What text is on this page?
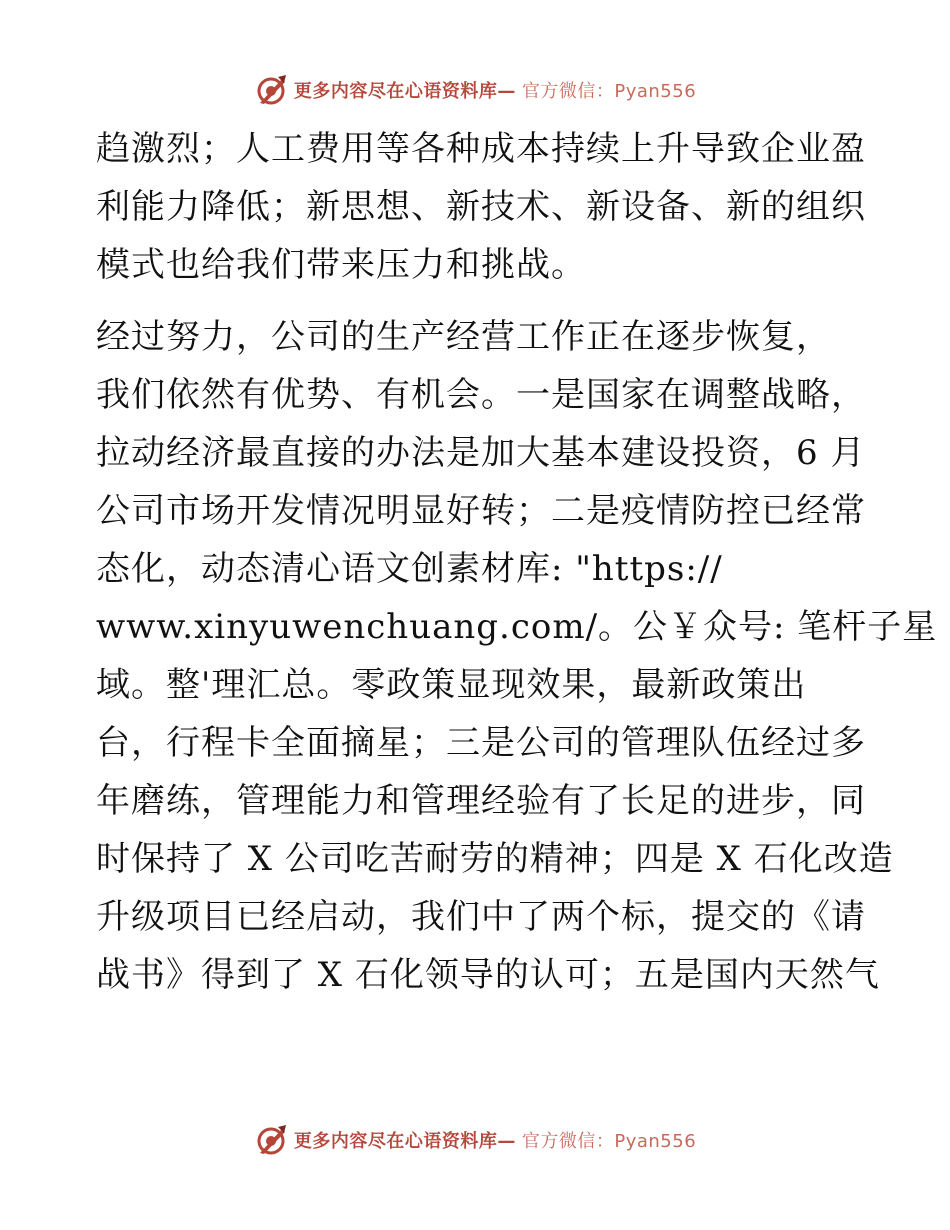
更多内容尽在心语资料库— 官方微信：Pyan556
趋激烈；人工费用等各种成本持续上升导致企业盈
利能力降低；新思想、新技术、新设备、新的组织
模式也给我们带来压力和挑战。
经过努力，公司的生产经营工作正在逐步恢复，
我们依然有优势、有机会。一是国家在调整战略，
拉动经济最直接的办法是加大基本建设投资，6 月
公司市场开发情况明显好转；二是疫情防控已经常
态化，动态清心语文创素材库: "https://
www.xinyuwenchuang.com/。公￥众号: 笔杆子星
域。整'理汇总。零政策显现效果，最新政策出
台，行程卡全面摘星；三是公司的管理队伍经过多
年磨练，管理能力和管理经验有了长足的进步，同
时保持了 X 公司吃苦耐劳的精神；四是 X 石化改造
升级项目已经启动，我们中了两个标，提交的《请
战书》得到了 X 石化领导的认可；五是国内天然气
更多内容尽在心语资料库— 官方微信：Pyan556
